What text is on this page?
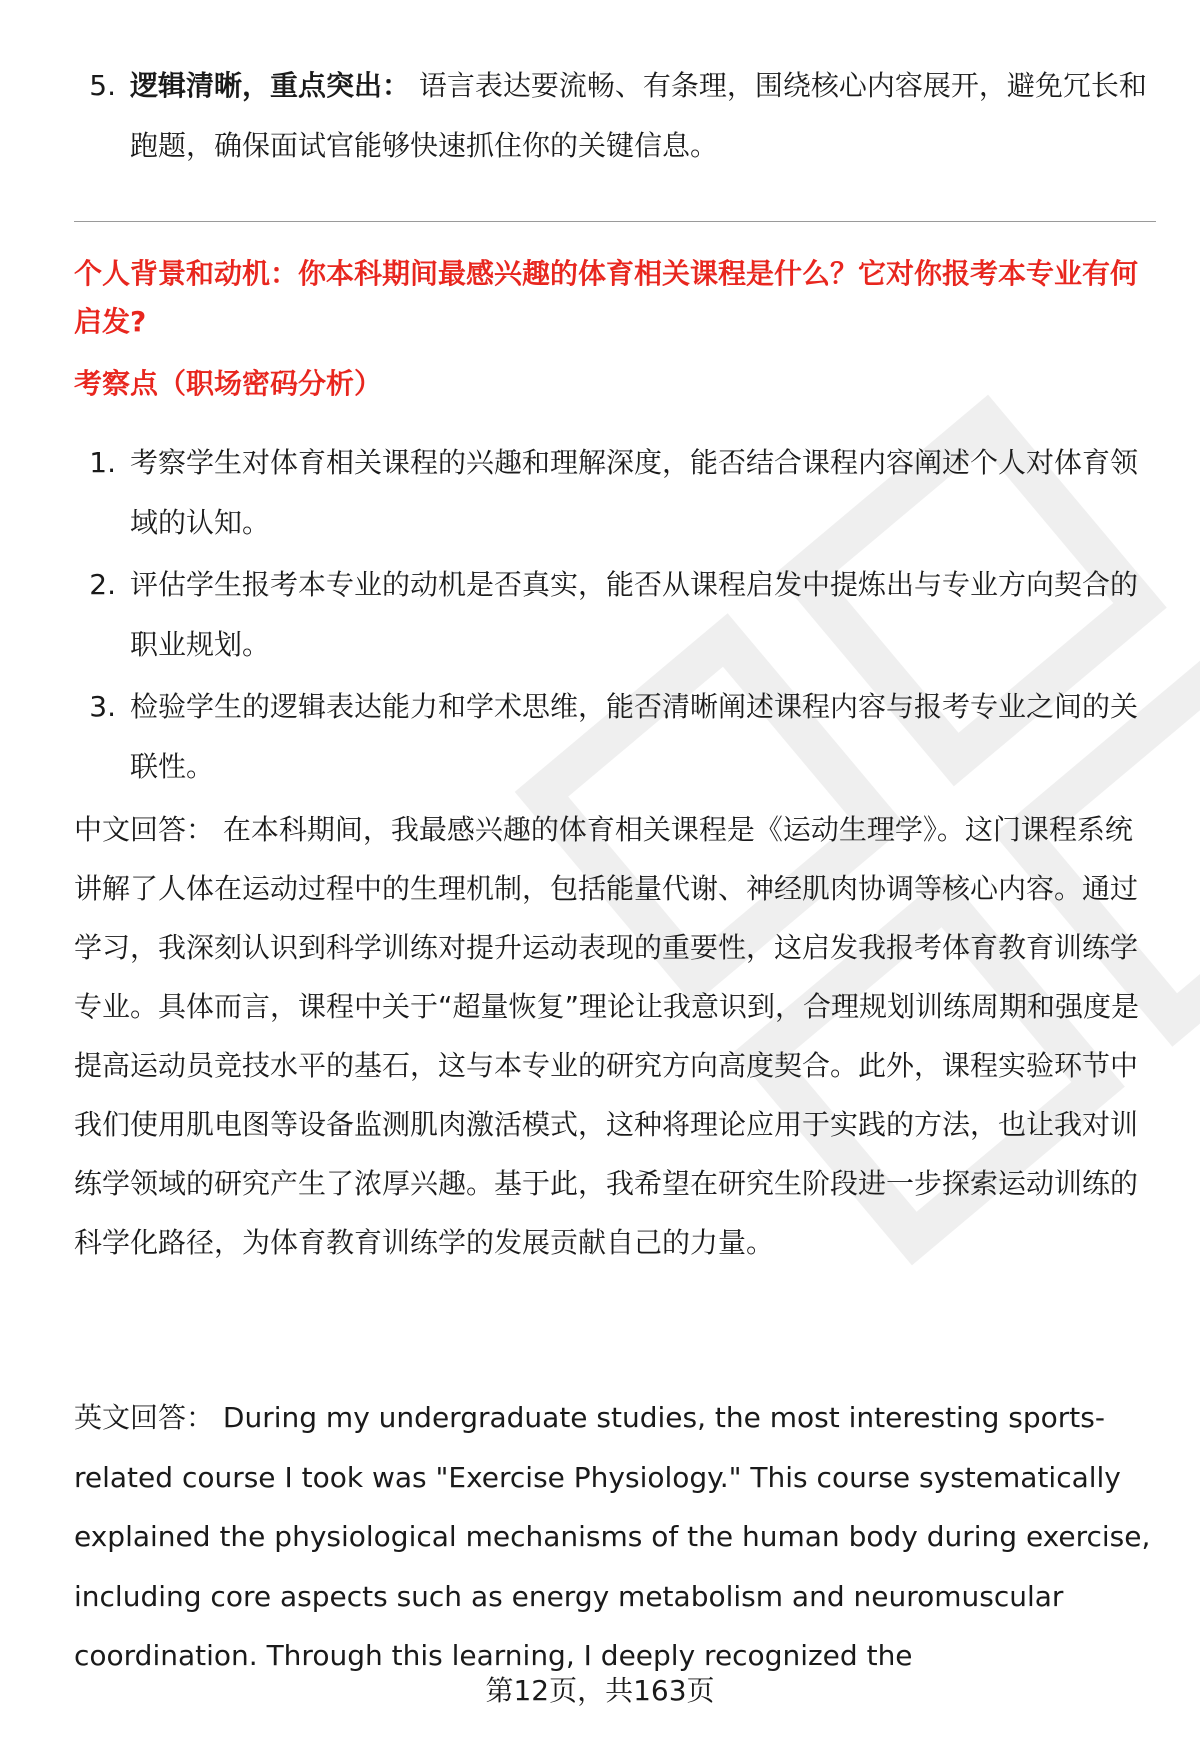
5. 逻辑清晰，重点突出： 语言表达要流畅、有条理，围绕核心内容展开，避免冗长和跑题，确保面试官能够快速抓住你的关键信息。
个人背景和动机：你本科期间最感兴趣的体育相关课程是什么？它对你报考本专业有何启发?
考察点（职场密码分析）
1. 考察学生对体育相关课程的兴趣和理解深度，能否结合课程内容阐述个人对体育领域的认知。
2. 评估学生报考本专业的动机是否真实，能否从课程启发中提炼出与专业方向契合的职业规划。
3. 检验学生的逻辑表达能力和学术思维，能否清晰阐述课程内容与报考专业之间的关联性。
中文回答： 在本科期间，我最感兴趣的体育相关课程是《运动生理学》。这门课程系统讲解了人体在运动过程中的生理机制，包括能量代谢、神经肌肉协调等核心内容。通过学习，我深刻认识到科学训练对提升运动表现的重要性，这启发我报考体育教育训练学专业。具体而言，课程中关于“超量恢复”理论让我意识到，合理规划训练周期和强度是提高运动员竞技水平的基石，这与本专业的研究方向高度契合。此外，课程实验环节中我们使用肌电图等设备监测肌肉激活模式，这种将理论应用于实践的方法，也让我对训练学领域的研究产生了浓厚兴趣。基于此，我希望在研究生阶段进一步探索运动训练的科学化路径，为体育教育训练学的发展贡献自己的力量。
英文回答： During my undergraduate studies, the most interesting sports-related course I took was "Exercise Physiology." This course systematically explained the physiological mechanisms of the human body during exercise, including core aspects such as energy metabolism and neuromuscular coordination. Through this learning, I deeply recognized the
第12页，共163页
